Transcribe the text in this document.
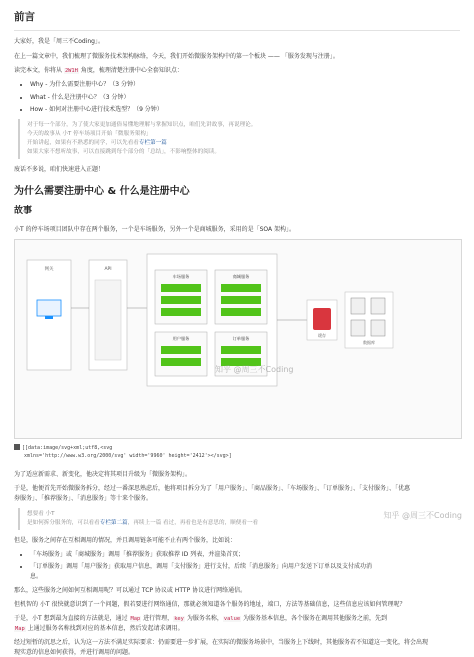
前言

大家好，我是「周三不Coding」。

在上一篇文章中，我们梳理了微服务技术架构脉络，今天，我们开始微服务架构中的第一个板块 —— 「服务发现与注册」。

读完本文，你将从 2W1H 角度，梳理清楚注册中心全套知识点：

• Why - 为什么需要注册中心？（3 分钟）
• What - 什么是注册中心？（3 分钟）
• How - 如何对注册中心进行技术选型？（9 分钟）
对于每一个部分，为了使大家更加通俗易懂地理解与掌握知识点，咱们先讲故事，再说理论。
今天的故事从 小T 停车场项目开始「微服务架构」
开始讲起，如果有不熟悉的同学，可以先看看专栏第一篇
如果大家不想听故事，可以直接跳到每个部分的「总结」，不影响整体的阅读。

废话不多说，咱们快速进入正题！

为什么需要注册中心 & 什么是注册中心
故事

小T 的停车场项目团队中存在两个服务，一个是车场服务，另外一个是商城服务，采用的是「SOA 架构」。

网关	API
车场服务	商城服务
用户服务	订单服务
缓存
数据库
知乎 @周三不Coding
[[data:image/svg+xml;utf8,<svg
xmlns='http://www.w3.org/2000/svg' width='9960' height='2412'></svg>]

为了适应新需求、新变化，他决定将其项目升级为「微服务架构」。

于是，他便首先开始微服务拆分，经过一番深思熟虑后，他将项目拆分为了「用户服务」、「商品服务」、「车场服务」、「订单服务」、「支付服务」、「优惠

券服务」、「推荐服务」、「消息服务」等十来个服务。

想要看 小T
是如何拆分服务的，可以看看专栏第二篇，再续上一篇 看过，再看也是有意思的，顺便看一看

但是，服务之间存在互相调用的情况，并且调用链条可能不止有两个服务，比如说：

• 「车场服务」或「商城服务」调用「推荐服务」获取推荐 ID 列表，并渲染首页；
• 「订单服务」调用「用户服务」获取用户信息，调用「支付服务」进行支付，后续「消息服务」向用户发送下订单以及支付成功消
息。

那么，这些服务之间如何互相调用呢？可以通过 TCP 协议或 HTTP 协议进行网络通信。

但机智的 小T 很快就意识到了一个问题，假若要进行网络通信，那就必须知道各个服务的地址，端口，方法等基础信息，这些信息应该如何管理呢？

于是，小T 想到最为直接的方法就是，通过 Map 进行管理，key 为服务名称，value 为服务基本信息，各个服务在调用其他服务之前，先到

Map 上通过服务名称找到对应的基本信息，然后发起请求调用。

经过短暂的沉思之后，认为这一方法不满足实际要求：仍需要进一步扩展，在实际的微服务场景中，当服务上下线时，其他服务若不知道这一变化，将会出现

现实意的信息如何获得，并进行调用的问题。

知乎 @周三不Coding
